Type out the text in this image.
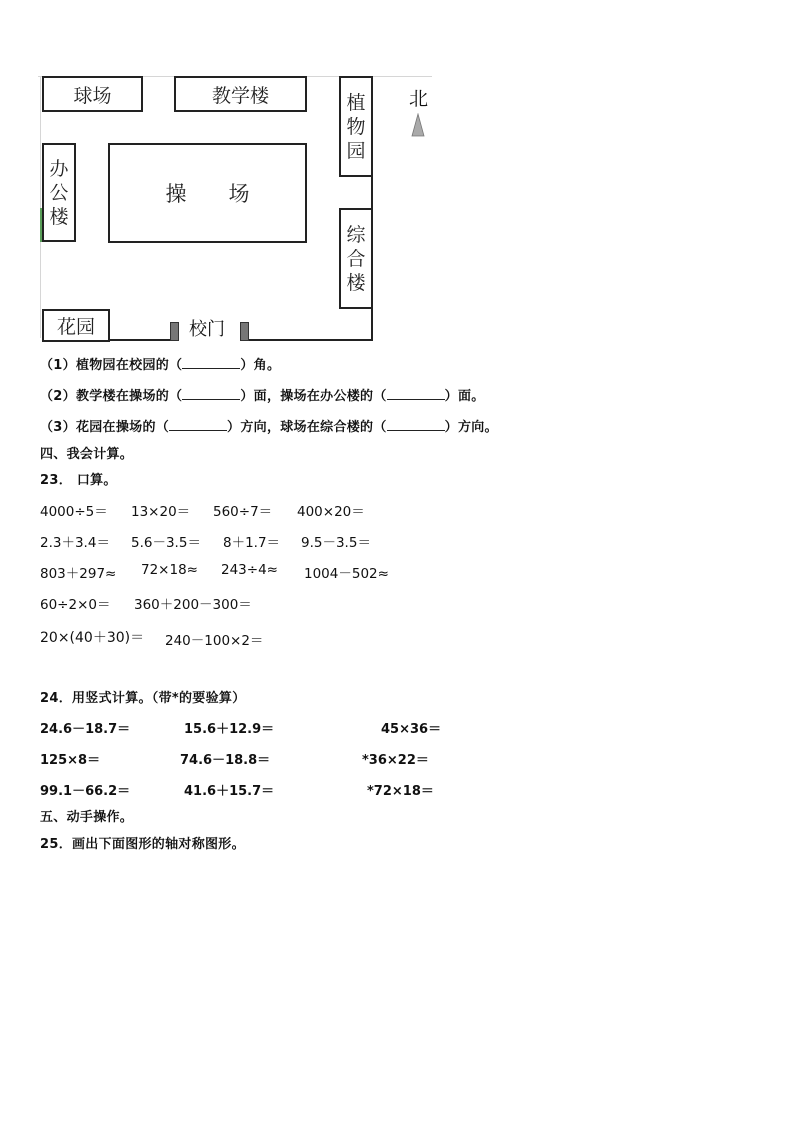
球场	教学楼	植
物
园
北
办
公
楼
操　　场
综
合
楼
花园	校门
（1）植物园在校园的（	）角。
（2）教学楼在操场的（	）面，操场在办公楼的（	）面。
（3）花园在操场的（	）方向，球场在综合楼的（	）方向。
四、我会计算。
23． 口算。
4000÷5＝ 13×20＝ 560÷7＝ 400×20＝
2.3＋3.4＝ 5.6－3.5＝ 8＋1.7＝ 9.5－3.5＝
803＋297≈ 72×18≈ 243÷4≈ 1004－502≈
60÷2×0＝ 360＋200－300＝
20×(40＋30)＝ 240－100×2＝
24．用竖式计算。（带*的要验算）
24.6－18.7＝	15.6＋12.9＝	45×36＝
125×8＝	74.6－18.8＝	*36×22＝
99.1－66.2＝	41.6＋15.7＝	*72×18＝
五、动手操作。
25．画出下面图形的轴对称图形。
